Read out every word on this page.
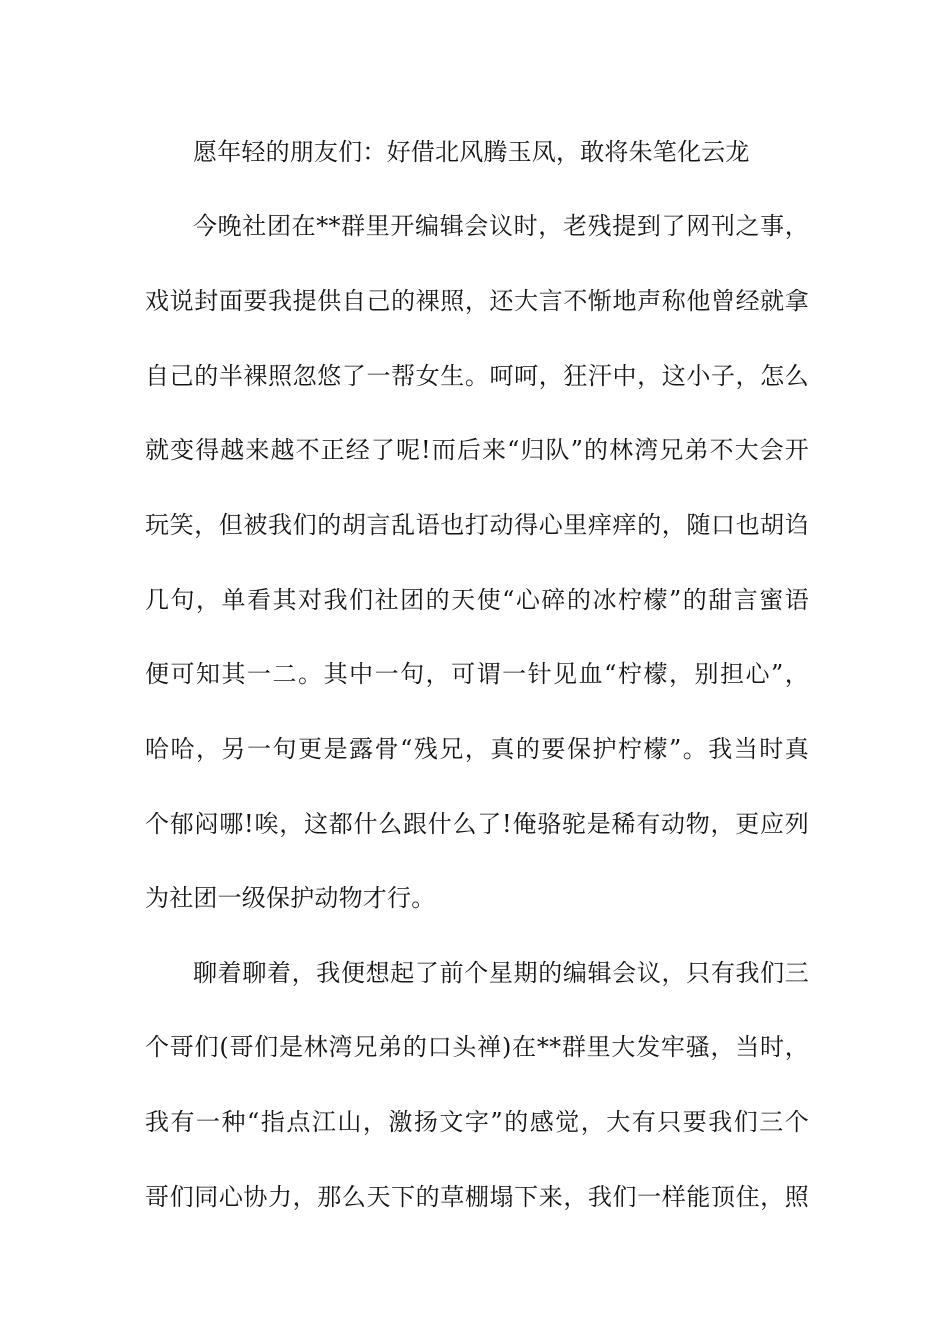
愿年轻的朋友们：好借北风腾玉凤，敢将朱笔化云龙
今晚社团在**群里开编辑会议时，老残提到了网刊之事，
戏说封面要我提供自己的裸照，还大言不惭地声称他曾经就拿
自己的半裸照忽悠了一帮女生。呵呵，狂汗中，这小子，怎么
就变得越来越不正经了呢!而后来“归队”的林湾兄弟不大会开
玩笑，但被我们的胡言乱语也打动得心里痒痒的，随口也胡诌
几句，单看其对我们社团的天使“心碎的冰柠檬”的甜言蜜语
便可知其一二。其中一句，可谓一针见血“柠檬，别担心”，
哈哈，另一句更是露骨“残兄，真的要保护柠檬”。我当时真
个郁闷哪!唉，这都什么跟什么了!俺骆驼是稀有动物，更应列
为社团一级保护动物才行。
聊着聊着，我便想起了前个星期的编辑会议，只有我们三
个哥们(哥们是林湾兄弟的口头禅)在**群里大发牢骚，当时，
我有一种“指点江山，激扬文字”的感觉，大有只要我们三个
哥们同心协力，那么天下的草棚塌下来，我们一样能顶住，照
